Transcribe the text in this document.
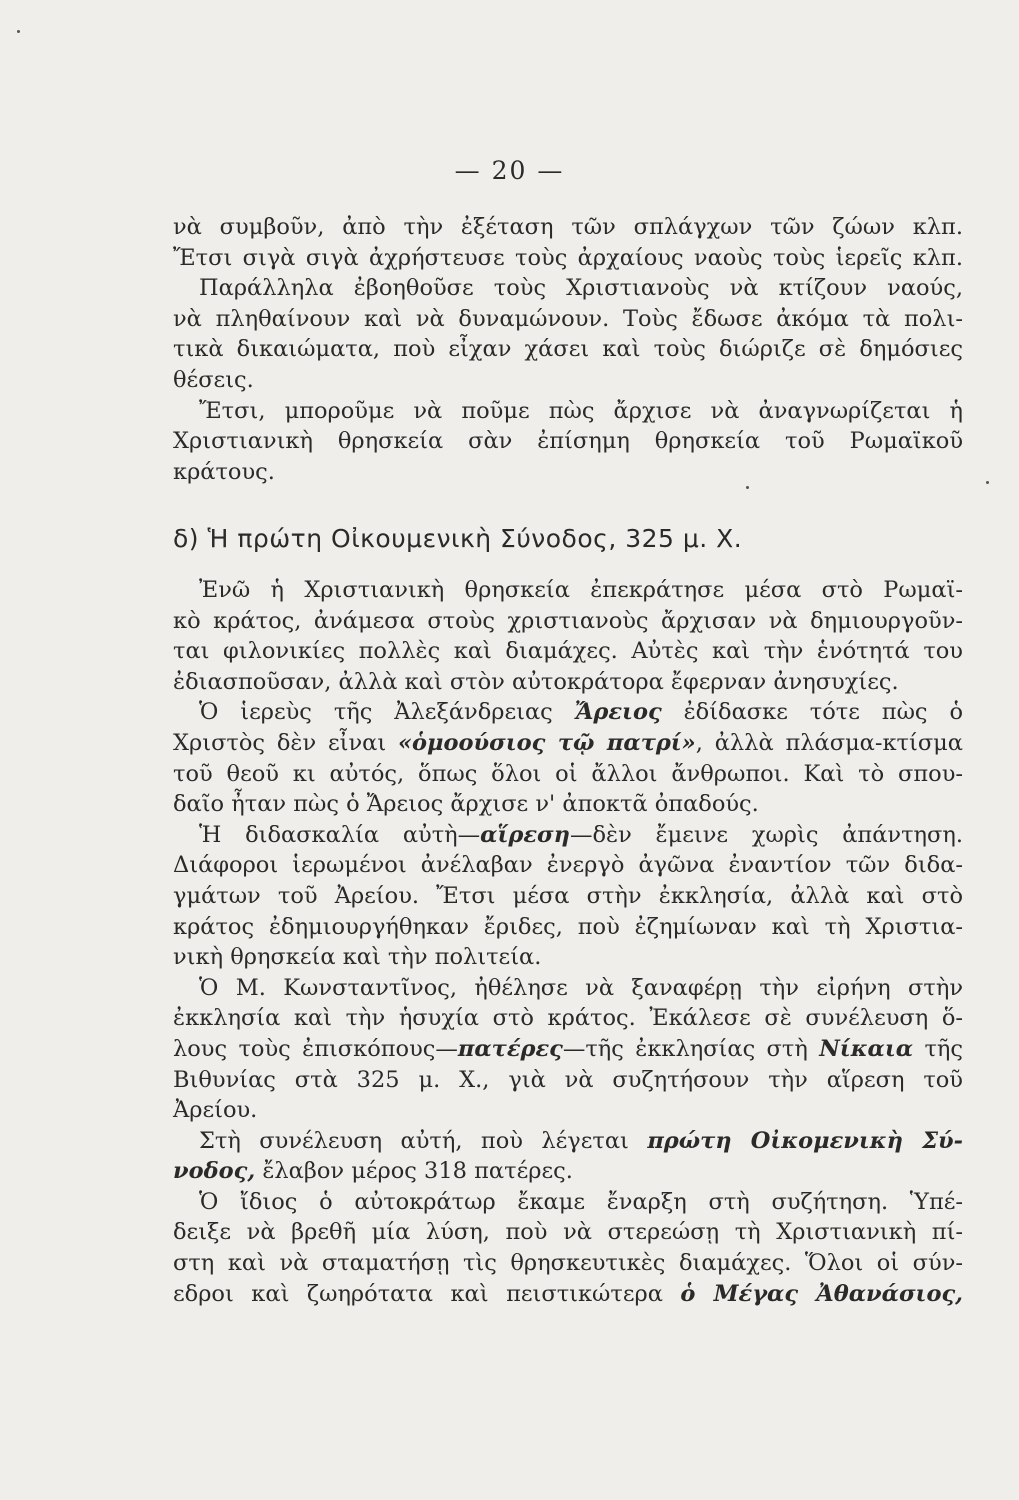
— 20 —
νὰ συμβοῦν, ἀπὸ τὴν ἐξέταση τῶν σπλάγχων τῶν ζώων κλπ.
Ἔτσι σιγὰ σιγὰ ἀχρήστευσε τοὺς ἀρχαίους ναοὺς τοὺς ἱερεῖς κλπ.
Παράλληλα ἐβοηθοῦσε τοὺς Χριστιανοὺς νὰ κτίζουν ναούς,
νὰ πληθαίνουν καὶ νὰ δυναμώνουν. Τοὺς ἔδωσε ἀκόμα τὰ πολι-
τικὰ δικαιώματα, ποὺ εἶχαν χάσει καὶ τοὺς διώριζε σὲ δημόσιες
θέσεις.
Ἔτσι, μποροῦμε νὰ ποῦμε πὼς ἄρχισε νὰ ἀναγνωρίζεται ἡ
Χριστιανικὴ θρησκεία σὰν ἐπίσημη θρησκεία τοῦ Ρωμαϊκοῦ
κράτους.
δ) Ἡ πρώτη Οἰκουμενικὴ Σύνοδος, 325 μ. Χ.
Ἐνῶ ἡ Χριστιανικὴ θρησκεία ἐπεκράτησε μέσα στὸ Ρωμαϊ-
κὸ κράτος, ἀνάμεσα στοὺς χριστιανοὺς ἄρχισαν νὰ δημιουργοῦν-
ται φιλονικίες πολλὲς καὶ διαμάχες. Αὐτὲς καὶ τὴν ἑνότητά του
ἐδιασποῦσαν, ἀλλὰ καὶ στὸν αὐτοκράτορα ἔφερναν ἀνησυχίες.
Ὁ ἱερεὺς τῆς Ἀλεξάνδρειας Ἄρειος ἐδίδασκε τότε πὼς ὁ
Χριστὸς δὲν εἶναι «ὁμοούσιος τῷ πατρί», ἀλλὰ πλάσμα-κτίσμα
τοῦ θεοῦ κι αὐτός, ὅπως ὅλοι οἱ ἄλλοι ἄνθρωποι. Καὶ τὸ σπου-
δαῖο ἦταν πὼς ὁ Ἄρειος ἄρχισε ν' ἀποκτᾶ ὀπαδούς.
Ἡ διδασκαλία αὐτὴ—αἵρεση—δὲν ἔμεινε χωρὶς ἀπάντηση.
Διάφοροι ἱερωμένοι ἀνέλαβαν ἐνεργὸ ἀγῶνα ἐναντίον τῶν διδα-
γμάτων τοῦ Ἀρείου. Ἔτσι μέσα στὴν ἐκκλησία, ἀλλὰ καὶ στὸ
κράτος ἐδημιουργήθηκαν ἔριδες, ποὺ ἐζημίωναν καὶ τὴ Χριστια-
νικὴ θρησκεία καὶ τὴν πολιτεία.
Ὁ Μ. Κωνσταντῖνος, ἠθέλησε νὰ ξαναφέρῃ τὴν εἰρήνη στὴν
ἐκκλησία καὶ τὴν ἡσυχία στὸ κράτος. Ἐκάλεσε σὲ συνέλευση ὅ-
λους τοὺς ἐπισκόπους—πατέρες—τῆς ἐκκλησίας στὴ Νίκαια τῆς
Βιθυνίας στὰ 325 μ. Χ., γιὰ νὰ συζητήσουν τὴν αἵρεση τοῦ
Ἀρείου.
Στὴ συνέλευση αὐτή, ποὺ λέγεται πρώτη Οἰκομενικὴ Σύ-
νοδος, ἔλαβον μέρος 318 πατέρες.
Ὁ ἴδιος ὁ αὐτοκράτωρ ἔκαμε ἔναρξη στὴ συζήτηση. Ὑπέ-
δειξε νὰ βρεθῆ μία λύση, ποὺ νὰ στερεώσῃ τὴ Χριστιανικὴ πί-
στη καὶ νὰ σταματήσῃ τὶς θρησκευτικὲς διαμάχες. Ὅλοι οἱ σύν-
εδροι καὶ ζωηρότατα καὶ πειστικώτερα ὁ Μέγας Ἀθανάσιος,
